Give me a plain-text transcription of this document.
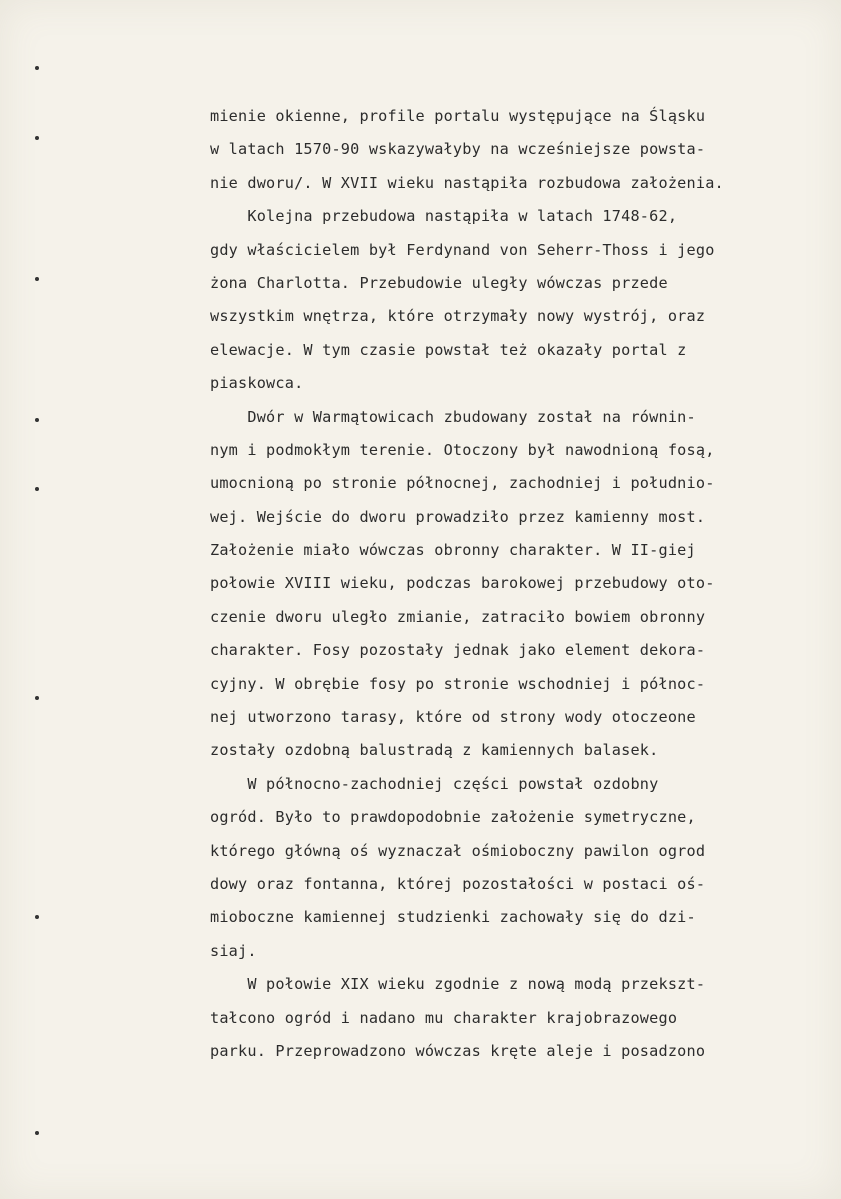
mienie okienne, profile portalu występujące na Śląsku
w latach 1570-90 wskazywałyby na wcześniejsze powsta-
nie dworu/. W XVII wieku nastąpiła rozbudowa założenia.
Kolejna przebudowa nastąpiła w latach 1748-62,
gdy właścicielem był Ferdynand von Seherr-Thoss i jego
żona Charlotta. Przebudowie uległy wówczas przede
wszystkim wnętrza, które otrzymały nowy wystrój, oraz
elewacje. W tym czasie powstał też okazały portal z
piaskowca.
Dwór w Warmątowicach zbudowany został na równin-
nym i podmokłym terenie. Otoczony był nawodnioną fosą,
umocnioną po stronie północnej, zachodniej i południo-
wej. Wejście do dworu prowadziło przez kamienny most.
Założenie miało wówczas obronny charakter. W II-giej
połowie XVIII wieku, podczas barokowej przebudowy oto-
czenie dworu uległo zmianie, zatraciło bowiem obronny
charakter. Fosy pozostały jednak jako element dekora-
cyjny. W obrębie fosy po stronie wschodniej i północ-
nej utworzono tarasy, które od strony wody otoczeone
zostały ozdobną balustradą z kamiennych balasek.
W północno-zachodniej części powstał ozdobny
ogród. Było to prawdopodobnie założenie symetryczne,
którego główną oś wyznaczał ośmioboczny pawilon ogrod
dowy oraz fontanna, której pozostałości w postaci oś-
mioboczne kamiennej studzienki zachowały się do dzi-
siaj.
W połowie XIX wieku zgodnie z nową modą przekszt-
tałcono ogród i nadano mu charakter krajobrazowego
parku. Przeprowadzono wówczas kręte aleje i posadzono
